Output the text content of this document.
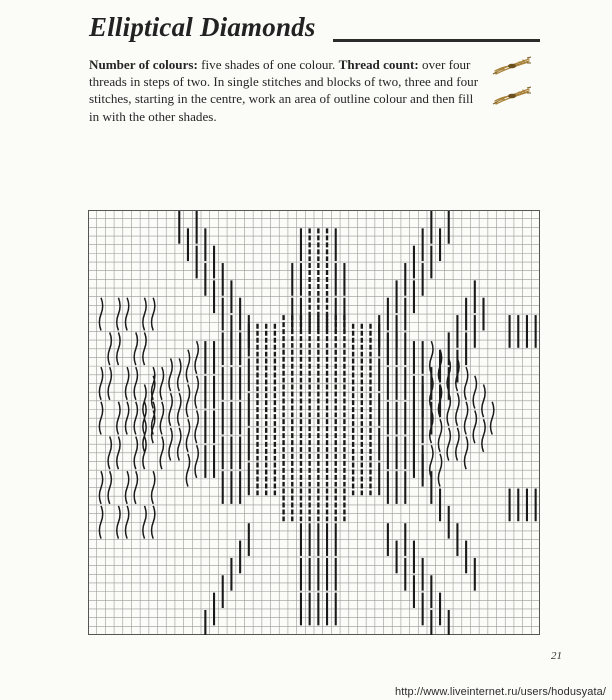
Elliptical Diamonds
Number of colours: five shades of one colour. Thread count: over four threads in steps of two. In single stitches and blocks of two, three and four stitches, starting in the centre, work an area of outline colour and then fill in with the other shades.
21
http://www.liveinternet.ru/users/hodusyata/
